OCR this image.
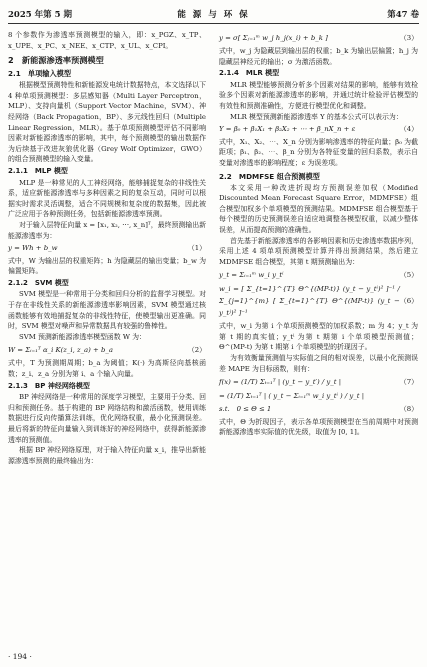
2025 年第 5 期	能 源 与 环 保	第47 卷

8 个参数作为渗透率预测模型的输入，即：x_PGZ、x_TP、x_UPE、x_PC、x_NEE、x_CTP、x_UL、x_CPI。

2　新能源渗透率预测模型
2.1　单项输入模型

根据模型预测特性和新能源发电统计数据特点，本文选择以下 4 种单项预测模型：多层感知器（Multi Layer Perceptron，MLP）、支持向量机（Support Vector Machine，SVM）、神经网络（Back Propagation，BP）、多元线性回归（Multiple Linear Regression，MLR）。基于单项预测模型评估不同影响因素对新能源渗透率的影响，其中，每个预测模型的输出数据作为后续基于改进灰狼优化器（Grey Wolf Optimizer，GWO）的组合预测模型的输入变量。

2.1.1　MLP 模型

MLP 是一种常见的人工神经网络，能够捕捉复杂的非线性关系，适应新能源渗透率与多种因素之间的复杂互动，同时可以根据实时需求灵活调整，适合不同规模和复杂度的数据集，因此被广泛应用于各种预测任务，包括新能源渗透率预测。

对于输入层特征向量 x = [x₁, x₂, ⋯, x_n]ᵀ，最终预测输出新能源渗透率为：

y = Wh + b_w	（1）

式中，W 为输出层的权重矩阵；h 为隐藏层的输出变量；b_w 为偏置矩阵。

2.1.2　SVM 模型

SVM 模型是一种常用于分类和回归分析的监督学习模型。对于存在非线性关系的新能源渗透率影响因素，SVM 模型通过核函数能够有效地捕捉复杂的非线性特征，使模型输出更准确。同时，SVM 模型对噪声和异常数据具有较强的鲁棒性。

SVM 预测新能源渗透率模型函数 W 为：

W = Σᵢ₌₁ᵀ α_i K(z_i, z_a) + b_a	（2）

式中，T 为预测期周期；b_a 为阈值；K(·) 为高斯径向基核函数；z_i、z_a 分别为第 i、a 个输入向量。

2.1.3　BP 神经网络模型

BP 神经网络是一种常用的深度学习模型，主要用于分类、回归和预测任务。基于构建的 BP 网络结构和激活函数，使用训练数据进行反向传播算法训练，优化网络权重，最小化预测误差。最后将新的特征向量输入到训练好的神经网络中，获得新能源渗透率的预测值。

根据 BP 神经网络原理，对于输入特征向量 x_i，推导出新能源渗透率预测的最终输出为：

y = σ[ Σⱼ₌₁ᵐ w_j h_j(x_i) + b_k ]	（3）

式中，w_j 为隐藏层到输出层的权重；b_k 为输出层偏置；h_j 为隐藏层神经元的输出；σ 为激活函数。

2.1.4　MLR 模型

MLR 模型能够预测分析多个因素对结果的影响，能够有效检验多个因素对新能源渗透率的影响，并通过统计检验评估模型的有效性和预测准确性，方便进行模型优化和调整。

MLR 模型预测新能源渗透率 Y 的基本公式可以表示为：

Y = β₀ + β₁X₁ + β₂X₂ + ⋯ + β_nX_n + ε	（4）

式中，X₁、X₂、⋯、X_n 分别为影响渗透率的特征向量；β₀ 为截距项；β₁、β₂、⋯、β_n 分别为各特征变量的回归系数，表示自变量对渗透率的影响程度；ε 为误差项。

2.2　MDMFSE 组合预测模型

本文采用一种改进折现均方预测误差加权（Modified Discounted Mean Forecast Square Error，MDMFSE）组合模型加权多个单项模型的预测结果。MDMFSE 组合模型基于每个模型的历史预测误差自适应地调整各模型权重，以减少整体误差，从而提高预测的准确性。

首先基于新能源渗透率的各影响因素和历史渗透率数据序列，采用上述 4 项单项预测模型计算并得出预测结果，然后建立 MDMFSE 组合模型，其第 t 期预测输出为：

y_t = Σᵢ₌₁ᵐ w_i y_tⁱ	（5）
w_i = [ Σ_{t=1}^{T} Θ^{(MP-t)} (y_t − y_tⁱ)² ]⁻¹ / Σ_{j=1}^{m} [ Σ_{t=1}^{T} Θ^{(MP-t)} (y_t − y_tʲ)² ]⁻¹
（6）

式中，w_i 为第 i 个单项预测模型的加权系数；m 为 4；y_t 为第 t 期的真实值；y_tⁱ 为第 t 期第 i 个单项模型预测值；Θ^(MP-t) 为第 t 期第 i 个单项模型的折现因子。

为有效衡量预测值与实际值之间的相对误差，以最小化预测误差 MAPE 为目标函数，则有：

f(x) = (1/T) Σₜ₌₁ᵀ | (y_t − y_t′) / y_t |	（7）
= (1/T) Σₜ₌₁ᵀ | ( y_t − Σᵢ₌₁ᵐ w_i y_tⁱ ) / y_t |
s.t.　0 ≤ Θ ≤ 1	（8）

式中，Θ 为折现因子，表示各单项预测模型在当前周期中对预测新能源渗透率实际值的优先级，取值为 [0, 1]。

· 194 ·
